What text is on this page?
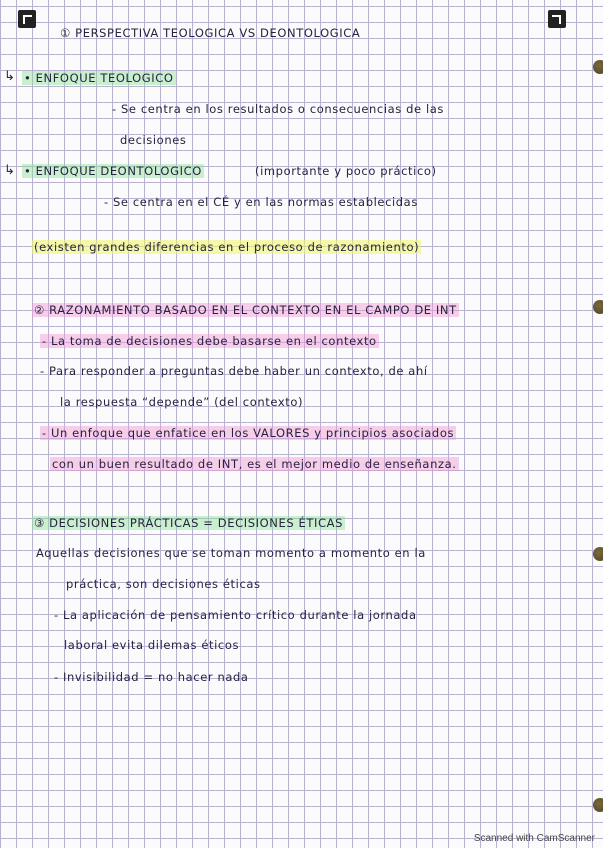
① PERSPECTIVA TEOLOGICA VS DEONTOLOGICA
↳ • ENFOQUE TEOLOGICO
- Se centra en los resultados o consecuencias de las
decisiones
↳ • ENFOQUE DEONTOLOGICO	(importante y poco práctico)
- Se centra en el CÉ y en las normas establecidas
(existen grandes diferencias en el proceso de razonamiento)
② RAZONAMIENTO BASADO EN EL CONTEXTO EN EL CAMPO DE INT
- La toma de decisiones debe basarse en el contexto
- Para responder a preguntas debe haber un contexto, de ahí
la respuesta “depende” (del contexto)
- Un enfoque que enfatice en los VALORES y principios asociados
con un buen resultado de INT, es el mejor medio de enseñanza.
③ DECISIONES PRÁCTICAS = DECISIONES ÉTICAS
Aquellas decisiones que se toman momento a momento en la
práctica, son decisiones éticas
- La aplicación de pensamiento crítico durante la jornada
laboral evita dilemas éticos
- Invisibilidad = no hacer nada
Scanned with CamScanner
